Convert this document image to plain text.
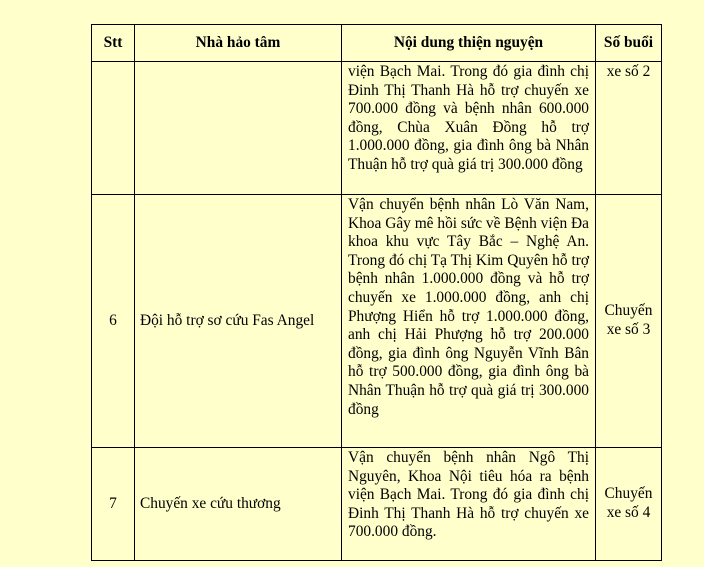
Stt	Nhà hảo tâm	Nội dung thiện nguyện	Số buổi
		viện Bạch Mai. Trong đó gia đình chị Đinh Thị Thanh Hà hỗ trợ chuyến xe 700.000 đồng và bệnh nhân 600.000 đồng, Chùa Xuân Đồng hỗ trợ 1.000.000 đồng, gia đình ông bà Nhân Thuận hỗ trợ quà giá trị 300.000 đồng	xe số 2
6	Đội hỗ trợ sơ cứu Fas Angel	Vận chuyển bệnh nhân Lò Văn Nam, Khoa Gây mê hồi sức về Bệnh viện Đa khoa khu vực Tây Bắc – Nghệ An. Trong đó chị Tạ Thị Kim Quyên hỗ trợ bệnh nhân 1.000.000 đồng và hỗ trợ chuyến xe 1.000.000 đồng, anh chị Phượng Hiển hỗ trợ 1.000.000 đồng, anh chị Hải Phượng hỗ trợ 200.000 đồng, gia đình ông Nguyễn Vĩnh Bân hỗ trợ 500.000 đồng, gia đình ông bà Nhân Thuận hỗ trợ quà giá trị 300.000 đồng	Chuyến xe số 3
7	Chuyến xe cứu thương	Vận chuyển bệnh nhân Ngô Thị Nguyên, Khoa Nội tiêu hóa ra bệnh viện Bạch Mai. Trong đó gia đình chị Đinh Thị Thanh Hà hỗ trợ chuyến xe 700.000 đồng.	Chuyến xe số 4
